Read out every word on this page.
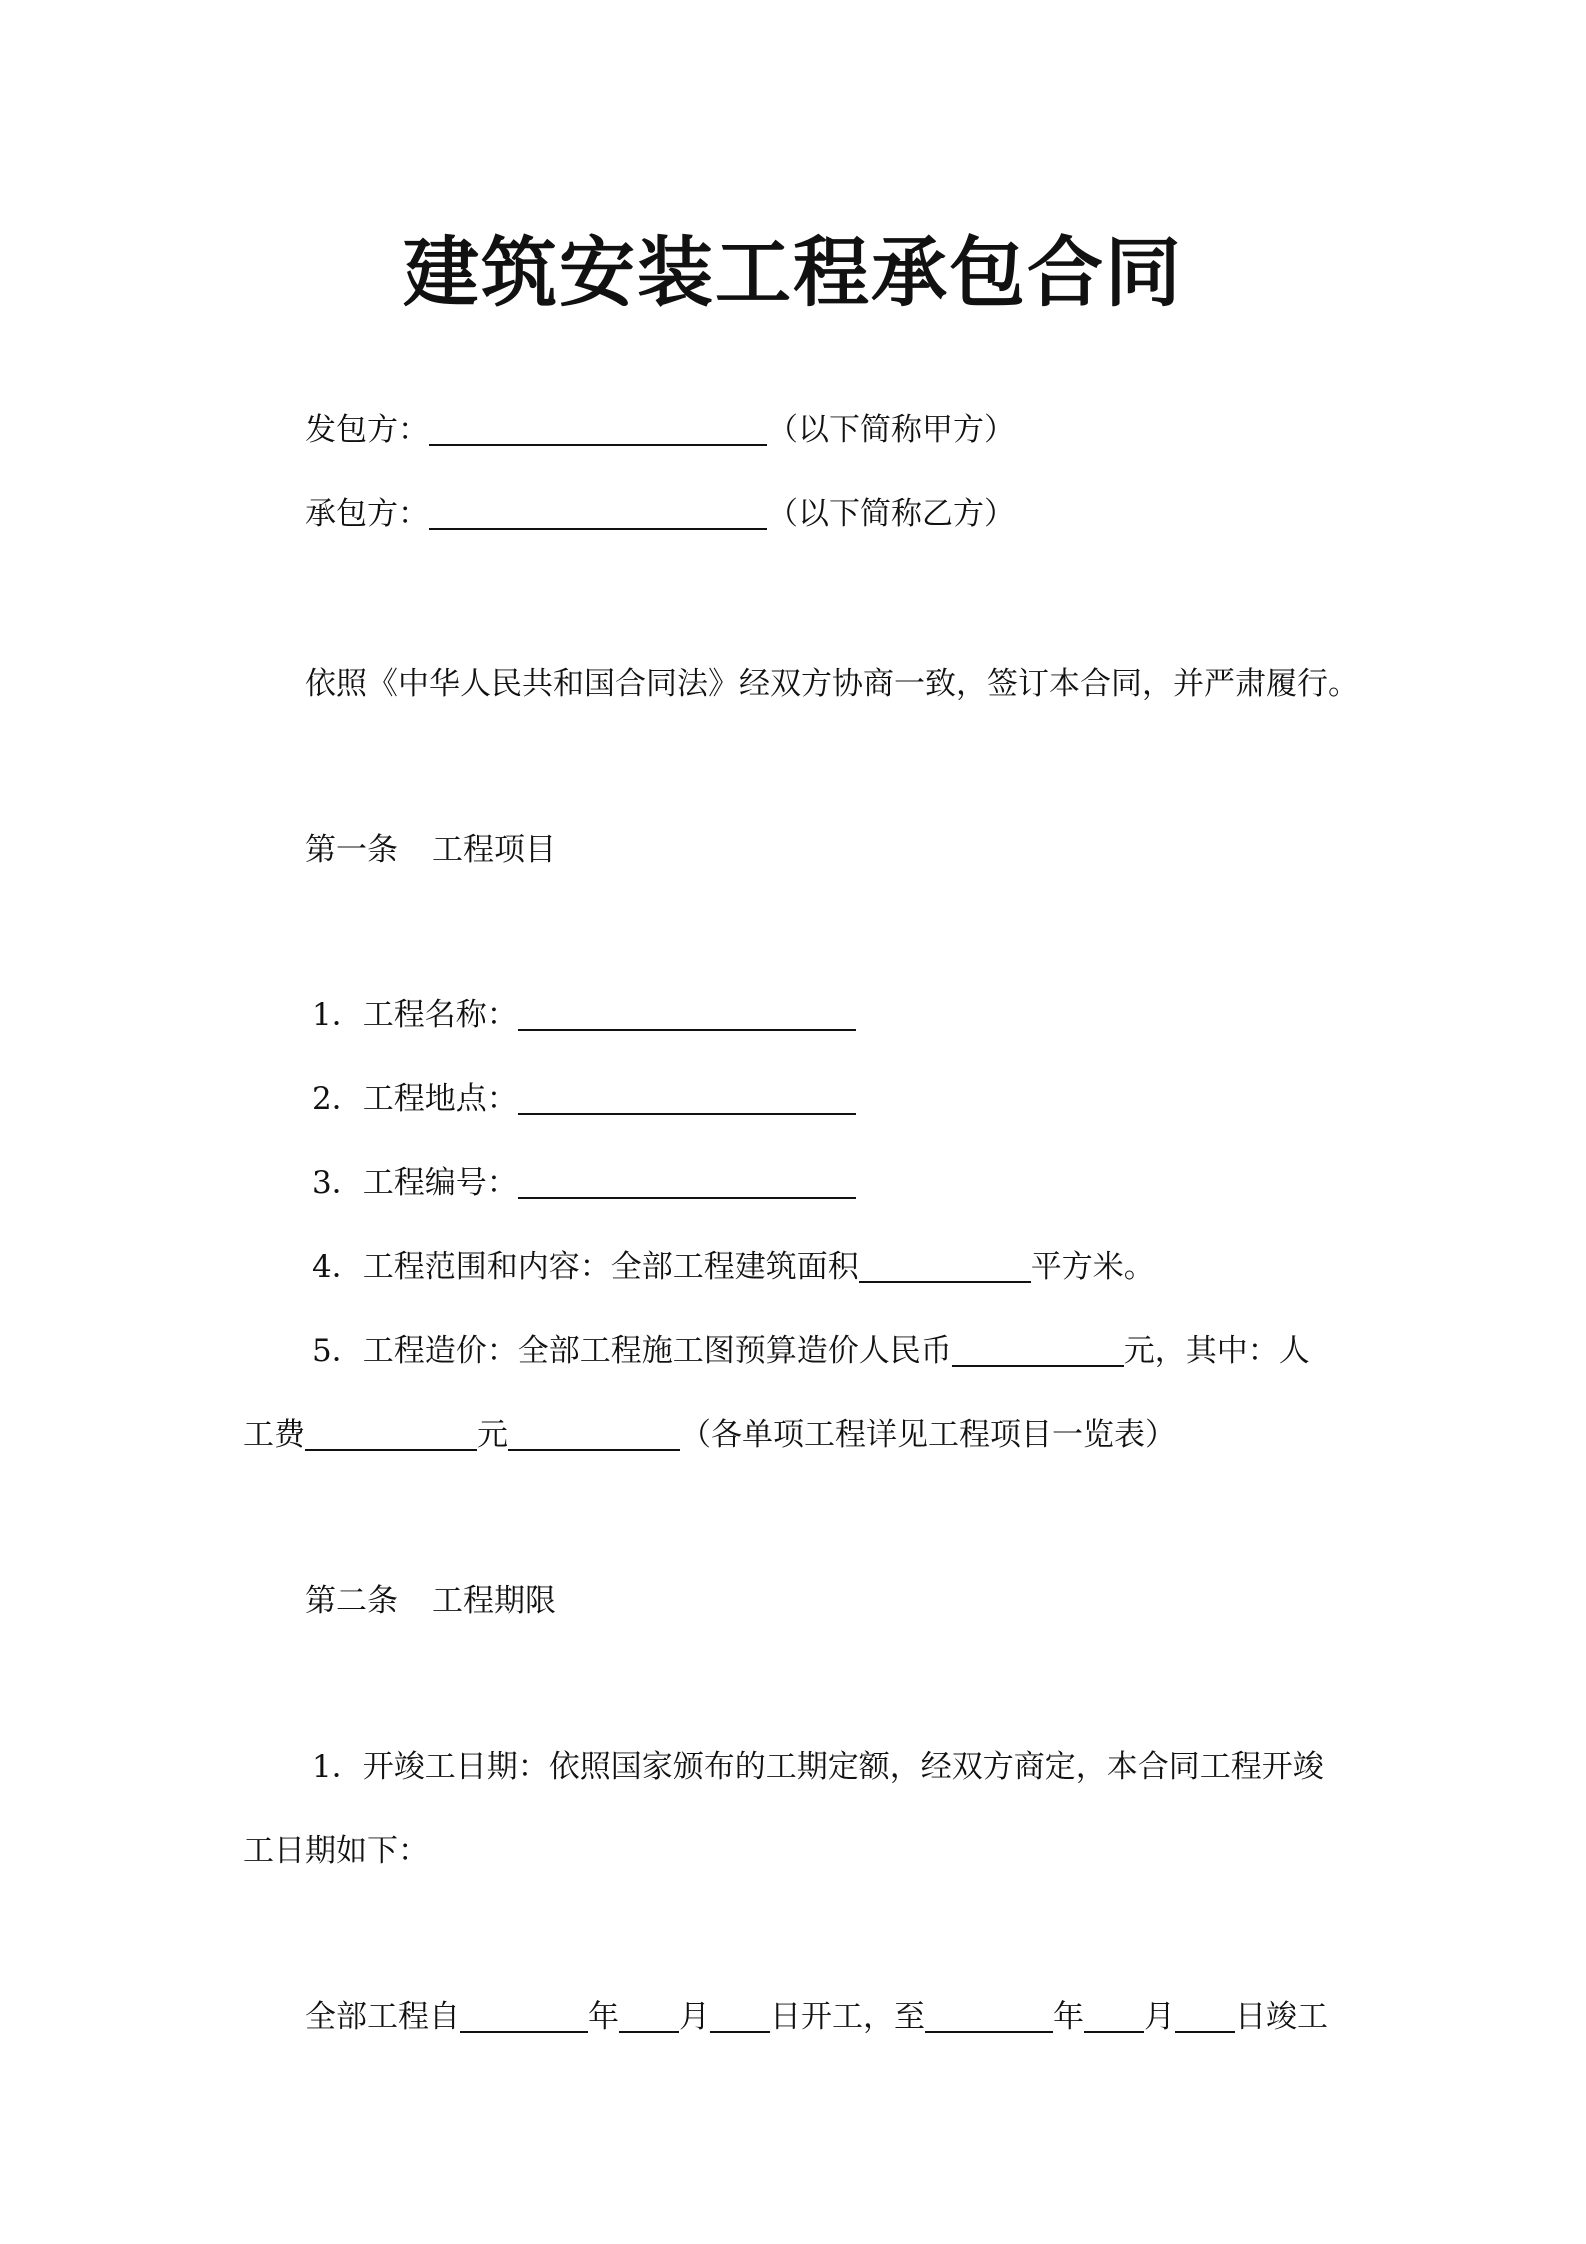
建筑安装工程承包合同
发包方：	（以下简称甲方）
承包方：	（以下简称乙方）
依照《中华人民共和国合同法》经双方协商一致，签订本合同，并严肃履行。
第一条 工程项目
1．工程名称：
2．工程地点：
3．工程编号：
4．工程范围和内容：全部工程建筑面积	平方米。
5．工程造价：全部工程施工图预算造价人民币	元，其中：人
工费	元	（各单项工程详见工程项目一览表）
第二条 工程期限
1．开竣工日期：依照国家颁布的工期定额，经双方商定，本合同工程开竣
工日期如下：
全部工程自	年 月 日开工，至	年 月 日竣工
